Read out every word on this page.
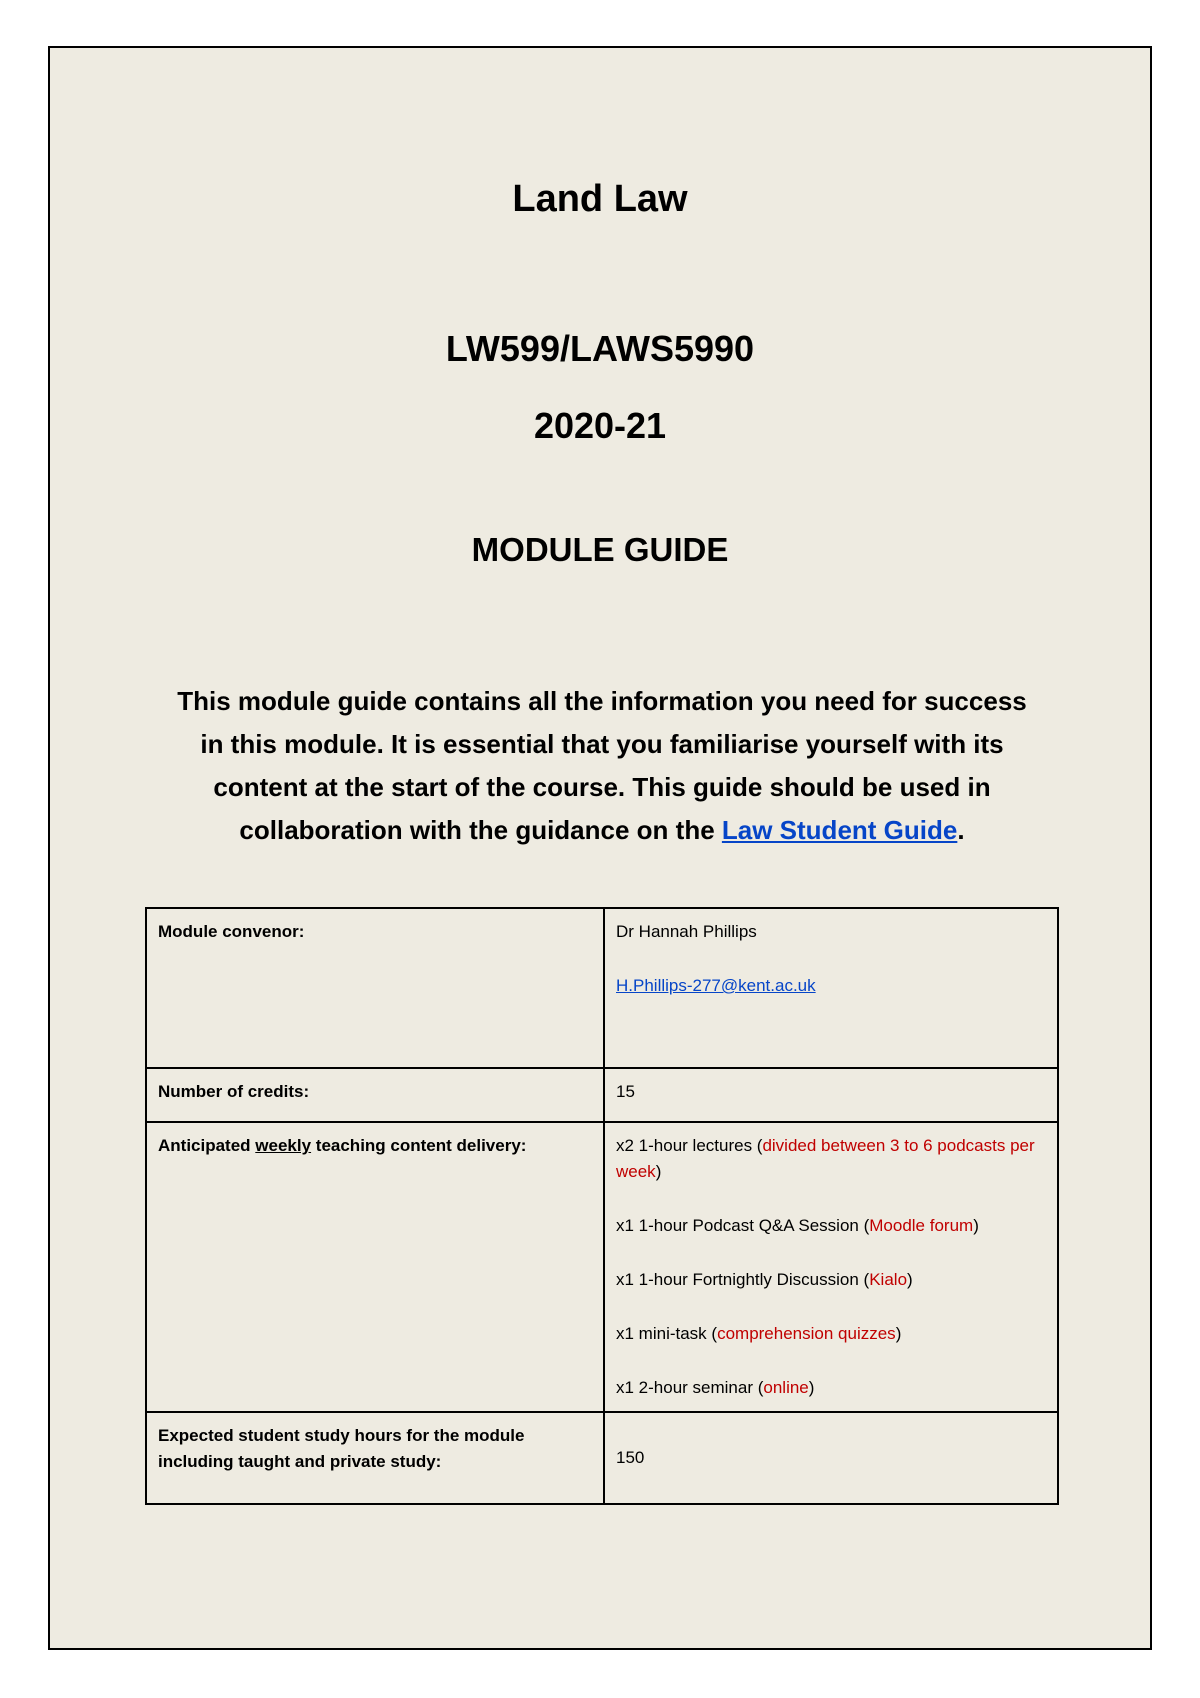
Land Law
LW599/LAWS5990
2020-21
MODULE GUIDE

This module guide contains all the information you need for success
in this module. It is essential that you familiarise yourself with its
content at the start of the course. This guide should be used in
collaboration with the guidance on the Law Student Guide.

Module convenor:	Dr Hannah Phillips
H.Phillips-277@kent.ac.uk

Number of credits:	15
Anticipated weekly teaching content delivery:	x2 1-hour lectures (divided between 3 to 6 podcasts per week)
x1 1-hour Podcast Q&A Session (Moodle forum)
x1 1-hour Fortnightly Discussion (Kialo)
x1 mini-task (comprehension quizzes)
x1 2-hour seminar (online)

Expected student study hours for the module including taught and private study:	150
